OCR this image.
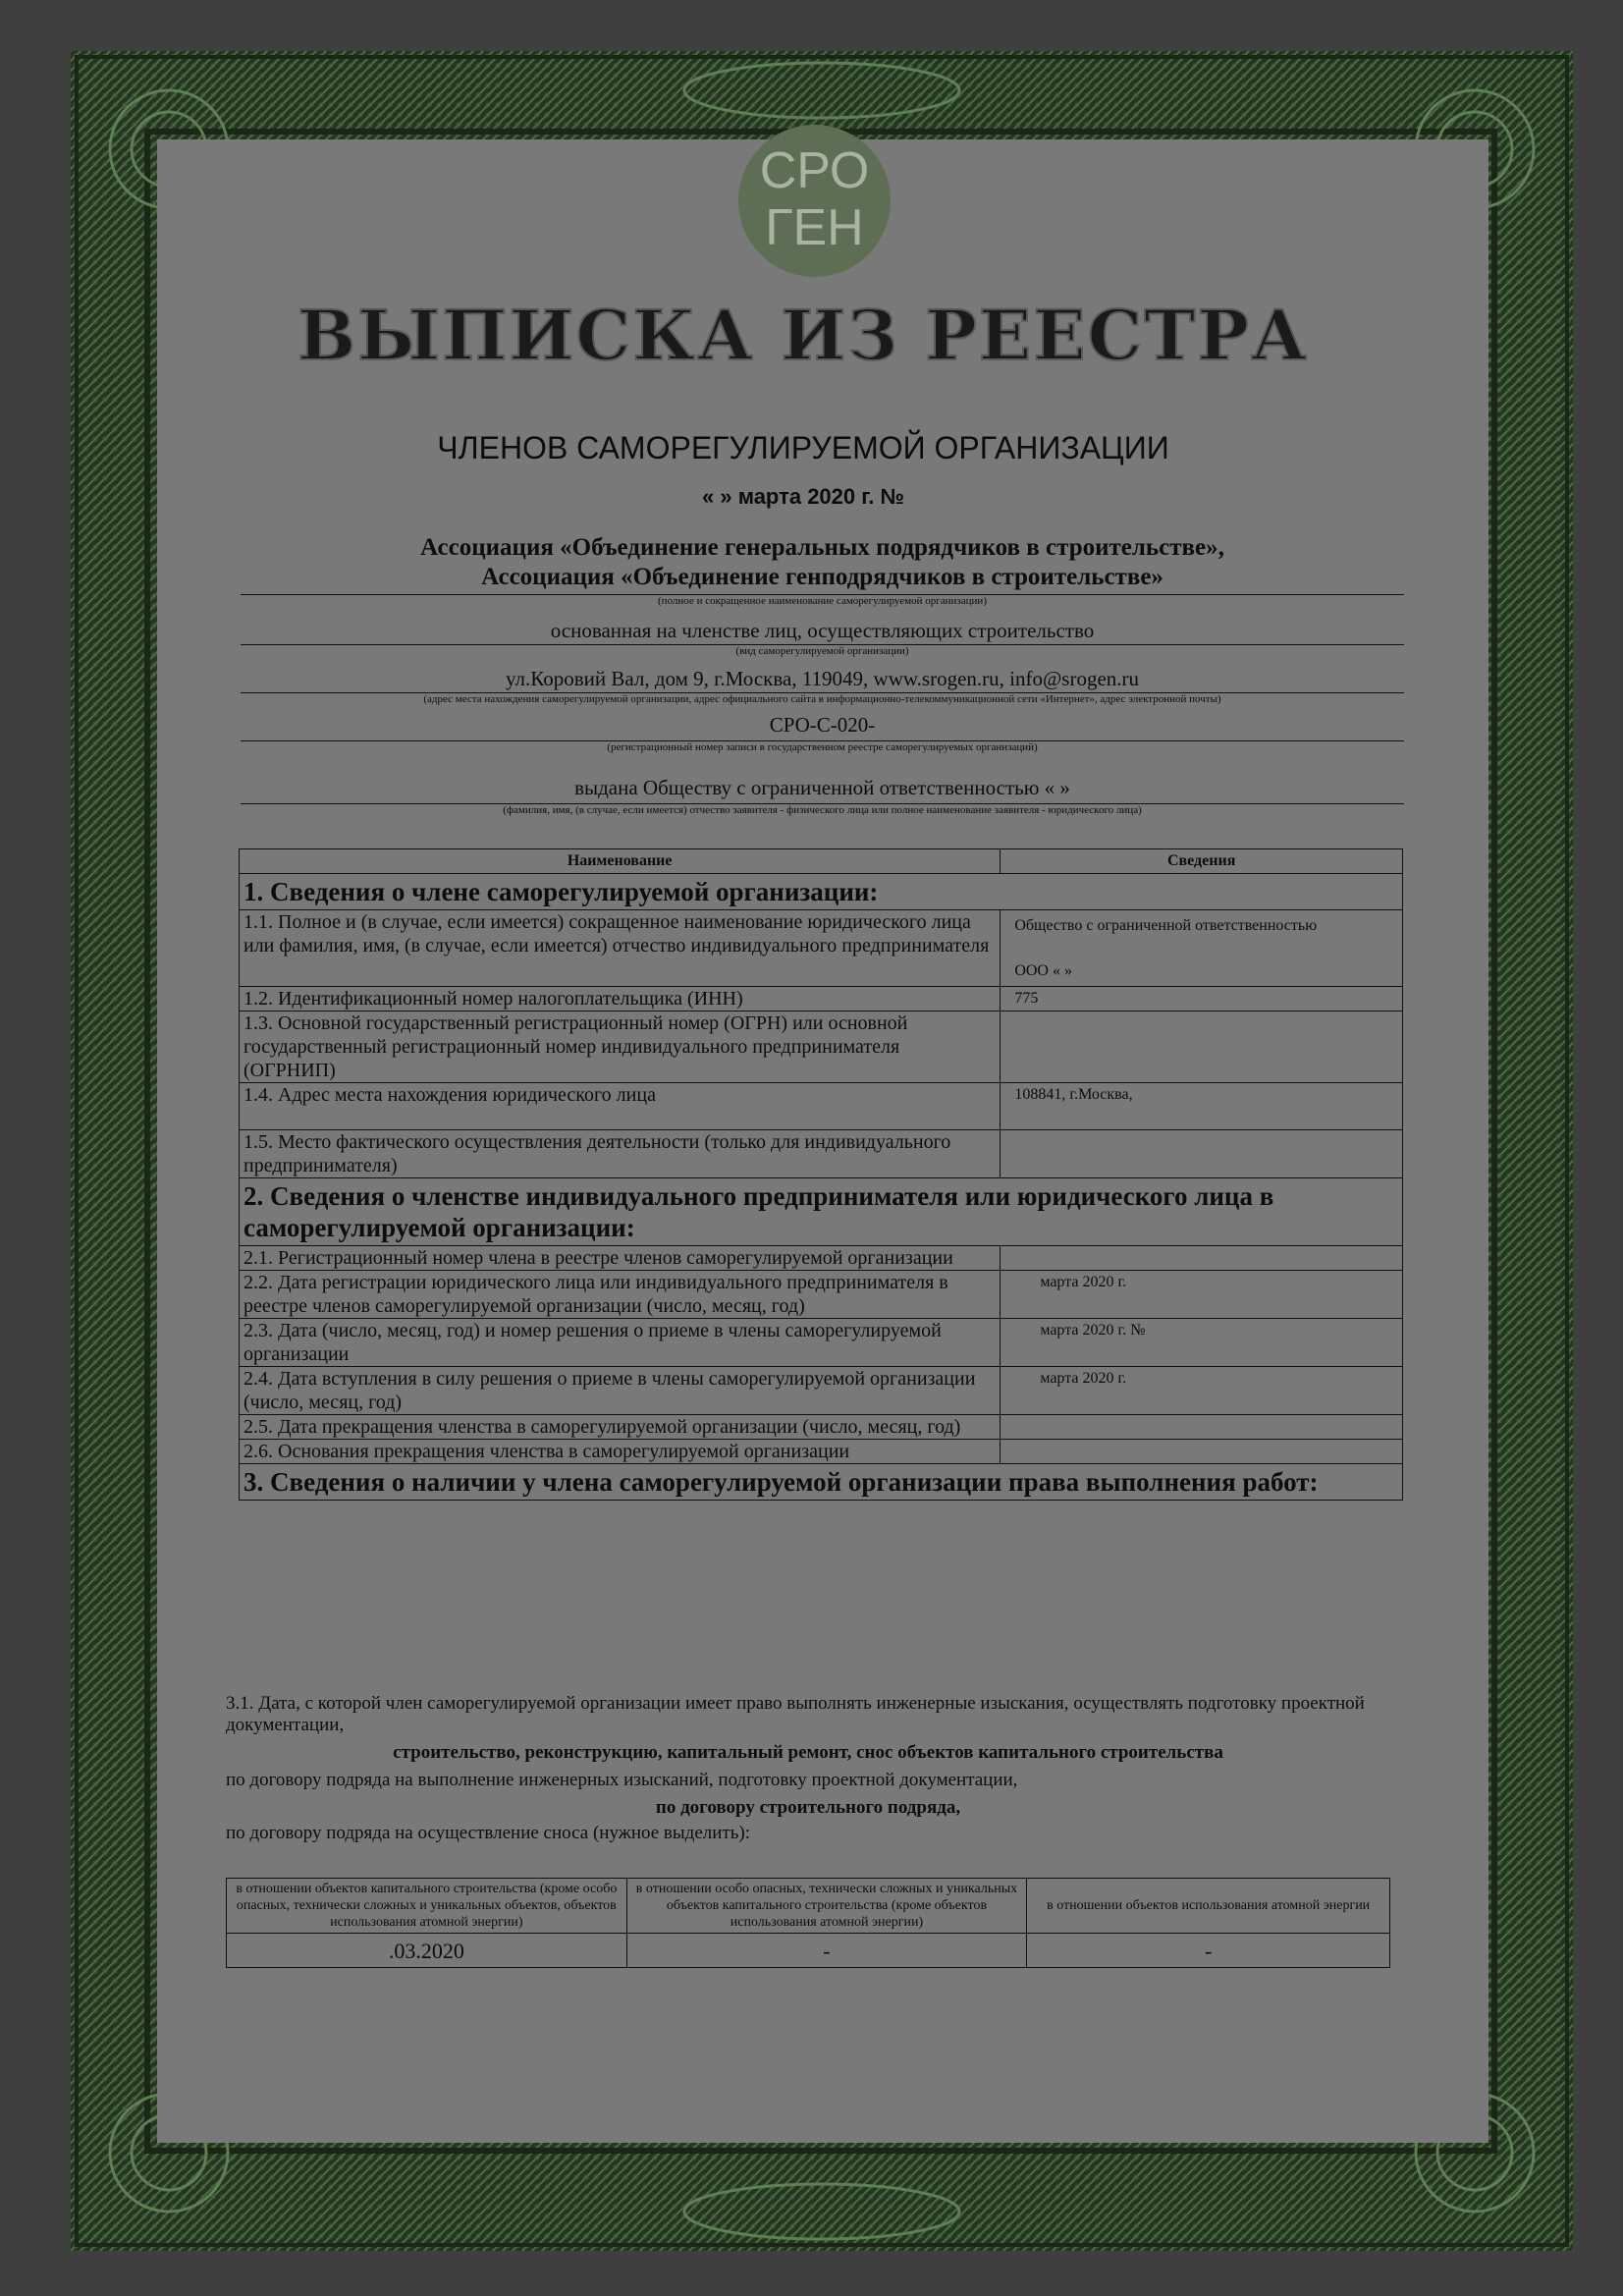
СРО
ГЕН
ВЫПИСКА ИЗ РЕЕСТРА
ЧЛЕНОВ САМОРЕГУЛИРУЕМОЙ ОРГАНИЗАЦИИ
« » марта 2020 г. №
Ассоциация «Объединение генеральных подрядчиков в строительстве»,
Ассоциация «Объединение генподрядчиков в строительстве»
(полное и сокращенное наименование саморегулируемой организации)
основанная на членстве лиц, осуществляющих строительство
(вид саморегулируемой организации)
ул.Коровий Вал, дом 9, г.Москва, 119049, www.srogen.ru, info@srogen.ru
(адрес места нахождения саморегулируемой организации, адрес официального сайта в информационно-телекоммуникационной сети «Интернет», адрес электронной почты)
СРО-С-020-
(регистрационный номер записи в государственном реестре саморегулируемых организаций)
выдана Обществу с ограниченной ответственностью « »
(фамилия, имя, (в случае, если имеется) отчество заявителя - физического лица или полное наименование заявителя - юридического лица)
Наименование	Сведения
1. Сведения о члене саморегулируемой организации:	
1.1. Полное и (в случае, если имеется) сокращенное наименование юридического лица или фамилия, имя, (в случае, если имеется) отчество индивидуального предпринимателя	Общество с ограниченной ответственностью
ООО « »

1.2. Идентификационный номер налогоплательщика (ИНН)	775
1.3. Основной государственный регистрационный номер (ОГРН) или основной государственный регистрационный номер индивидуального предпринимателя (ОГРНИП)	
1.4. Адрес места нахождения юридического лица	108841, г.Москва,
1.5. Место фактического осуществления деятельности (только для индивидуального предпринимателя)	
2. Сведения о членстве индивидуального предпринимателя или юридического лица в саморегулируемой организации:	
2.1. Регистрационный номер члена в реестре членов саморегулируемой организации	
2.2. Дата регистрации юридического лица или индивидуального предпринимателя в реестре членов саморегулируемой организации (число, месяц, год)	марта 2020 г.
2.3. Дата (число, месяц, год) и номер решения о приеме в члены саморегулируемой организации	марта 2020 г. №
2.4. Дата вступления в силу решения о приеме в члены саморегулируемой организации (число, месяц, год)	марта 2020 г.
2.5. Дата прекращения членства в саморегулируемой организации (число, месяц, год)	
2.6. Основания прекращения членства в саморегулируемой организации	
3. Сведения о наличии у члена саморегулируемой организации права выполнения работ:	
3.1. Дата, с которой член саморегулируемой организации имеет право выполнять инженерные изыскания, осуществлять подготовку проектной документации,
строительство, реконструкцию, капитальный ремонт, снос объектов капитального строительства
по договору подряда на выполнение инженерных изысканий, подготовку проектной документации,
по договору строительного подряда,
по договору подряда на осуществление сноса (нужное выделить):
в отношении объектов капитального строительства (кроме особо опасных, технически сложных и уникальных объектов, объектов использования атомной энергии)	в отношении особо опасных, технически сложных и уникальных объектов капитального строительства (кроме объектов использования атомной энергии)	в отношении объектов использования атомной энергии
.03.2020	-	-
